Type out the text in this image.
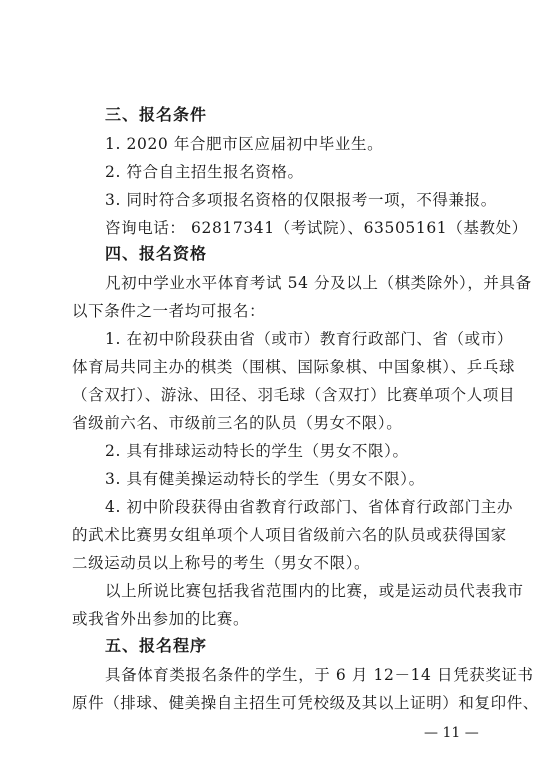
三、报名条件
1. 2020 年合肥市区应届初中毕业生。
2. 符合自主招生报名资格。
3. 同时符合多项报名资格的仅限报考一项，不得兼报。
咨询电话： 62817341（考试院）、63505161（基教处）
四、报名资格
凡初中学业水平体育考试 54 分及以上（棋类除外），并具备
以下条件之一者均可报名：
1. 在初中阶段获由省（或市）教育行政部门、省（或市）
体育局共同主办的棋类（围棋、国际象棋、中国象棋）、乒乓球
（含双打）、游泳、田径、羽毛球（含双打）比赛单项个人项目
省级前六名、市级前三名的队员（男女不限）。
2. 具有排球运动特长的学生（男女不限）。
3. 具有健美操运动特长的学生（男女不限）。
4. 初中阶段获得由省教育行政部门、省体育行政部门主办
的武术比赛男女组单项个人项目省级前六名的队员或获得国家
二级运动员以上称号的考生（男女不限）。
以上所说比赛包括我省范围内的比赛，或是运动员代表我市
或我省外出参加的比赛。
五、报名程序
具备体育类报名条件的学生，于 6 月 12－14 日凭获奖证书
原件（排球、健美操自主招生可凭校级及其以上证明）和复印件、
— 11 —
